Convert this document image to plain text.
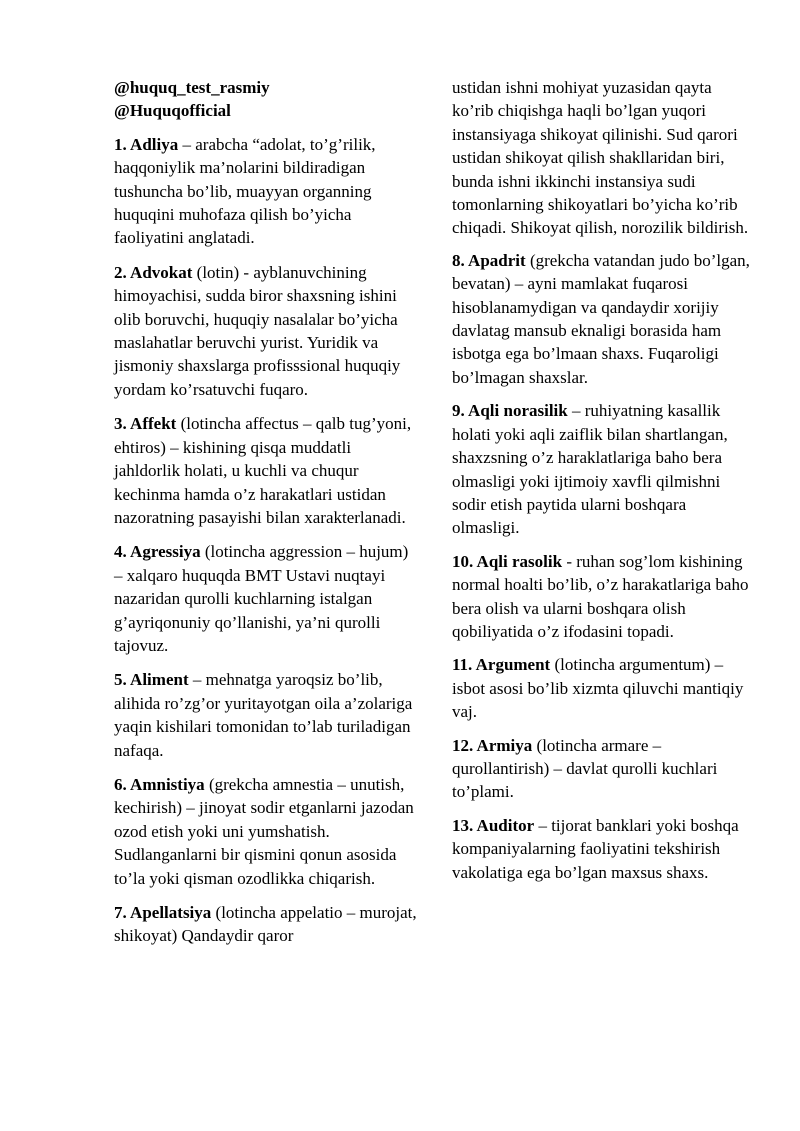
@huquq_test_rasmiy
@Huquqofficial
1. Adliya – arabcha “adolat, to’g’rilik, haqqoniylik ma’nolarini bildiradigan tushuncha bo’lib, muayyan organning huquqini muhofaza qilish bo’yicha faoliyatini anglatadi.
2. Advokat (lotin) - ayblanuvchining himoyachisi, sudda biror shaxsning ishini olib boruvchi, huquqiy nasalalar bo’yicha maslahatlar beruvchi yurist. Yuridik va jismoniy shaxslarga profisssional huquqiy yordam ko’rsatuvchi fuqaro.
3. Affekt (lotincha affectus – qalb tug’yoni, ehtiros) – kishining qisqa muddatli jahldorlik holati, u kuchli va chuqur kechinma hamda o’z harakatlari ustidan nazoratning pasayishi bilan xarakterlanadi.
4. Agressiya (lotincha aggression – hujum) – xalqaro huquqda BMT Ustavi nuqtayi nazaridan qurolli kuchlarning istalgan g’ayriqonuniy qo’llanishi, ya’ni qurolli tajovuz.
5. Aliment – mehnatga yaroqsiz bo’lib, alihida ro’zg’or yuritayotgan oila a’zolariga yaqin kishilari tomonidan to’lab turiladigan nafaqa.
6. Amnistiya (grekcha amnestia – unutish, kechirish) – jinoyat sodir etganlarni jazodan ozod etish yoki uni yumshatish. Sudlanganlarni bir qismini qonun asosida to’la yoki qisman ozodlikka chiqarish.
7. Apellatsiya (lotincha appelatio – murojat, shikoyat) Qandaydir qaror
ustidan ishni mohiyat yuzasidan qayta ko’rib chiqishga haqli bo’lgan yuqori instansiyaga shikoyat qilinishi. Sud qarori ustidan shikoyat qilish shakllaridan biri, bunda ishni ikkinchi instansiya sudi tomonlarning shikoyatlari bo’yicha ko’rib chiqadi. Shikoyat qilish, norozilik bildirish.
8. Apadrit (grekcha vatandan judo bo’lgan, bevatan) – ayni mamlakat fuqarosi hisoblanamydigan va qandaydir xorijiy davlatag mansub eknaligi borasida ham isbotga ega bo’lmaan shaxs. Fuqaroligi bo’lmagan shaxslar.
9. Aqli norasilik – ruhiyatning kasallik holati yoki aqli zaiflik bilan shartlangan, shaxzsning o’z haraklatlariga baho bera olmasligi yoki ijtimoiy xavfli qilmishni sodir etish paytida ularni boshqara olmasligi.
10. Aqli rasolik - ruhan sog’lom kishining normal hoalti bo’lib, o’z harakatlariga baho bera olish va ularni boshqara olish qobiliyatida o’z ifodasini topadi.
11. Argument (lotincha argumentum) – isbot asosi bo’lib xizmta qiluvchi mantiqiy vaj.
12. Armiya (lotincha armare – qurollantirish) – davlat qurolli kuchlari to’plami.
13. Auditor – tijorat banklari yoki boshqa kompaniyalarning faoliyatini tekshirish vakolatiga ega bo’lgan maxsus shaxs.
